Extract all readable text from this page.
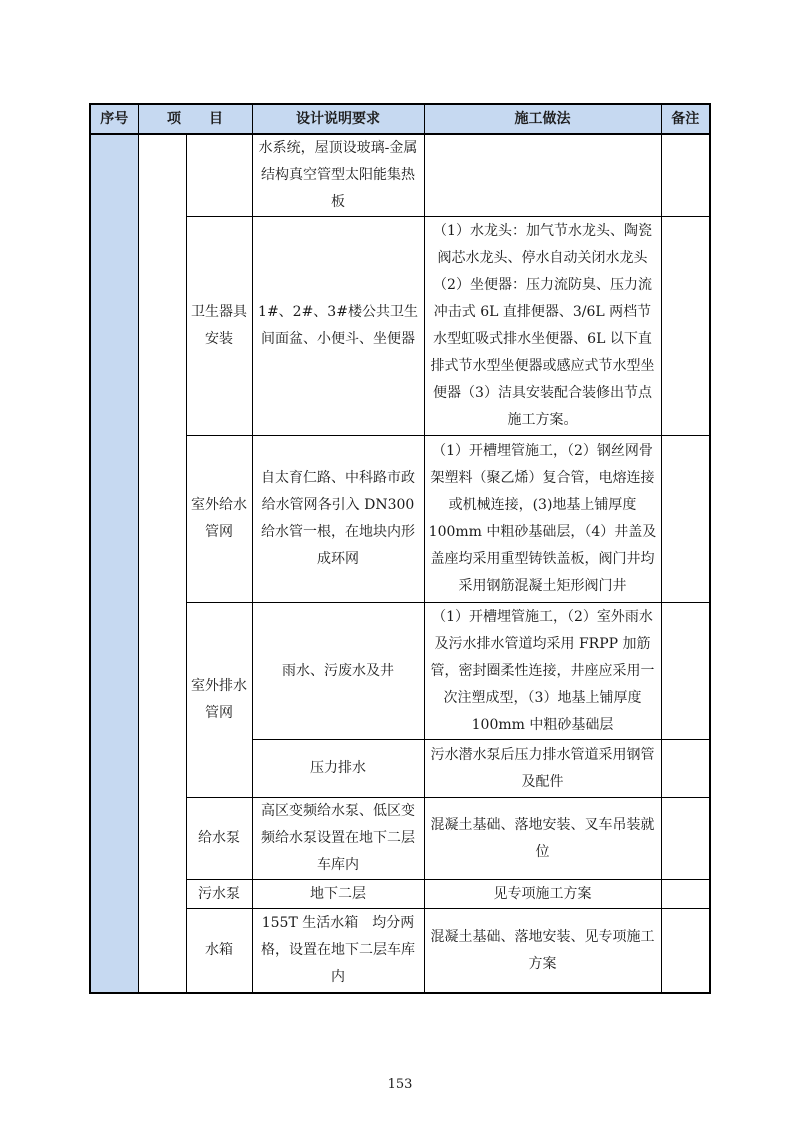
序号	项　　目		设计说明要求	施工做法	备注
			水系统，屋顶设玻璃-金属结构真空管型太阳能集热板		
		卫生器具安装	1#、2#、3#楼公共卫生间面盆、小便斗、坐便器	（1）水龙头：加气节水龙头、陶瓷阀芯水龙头、停水自动关闭水龙头（2）坐便器：压力流防臭、压力流冲击式 6L 直排便器、3/6L 两档节水型虹吸式排水坐便器、6L 以下直排式节水型坐便器或感应式节水型坐便器（3）洁具安装配合装修出节点施工方案。	
		室外给水管网	自太育仁路、中科路市政给水管网各引入 DN300 给水管一根，在地块内形成环网	（1）开槽埋管施工，（2）钢丝网骨架塑料（聚乙烯）复合管，电熔连接或机械连接，(3)地基上铺厚度 100mm 中粗砂基础层，（4）井盖及盖座均采用重型铸铁盖板，阀门井均采用钢筋混凝土矩形阀门井	
		室外排水管网	雨水、污废水及井	（1）开槽埋管施工，（2）室外雨水及污水排水管道均采用 FRPP 加筋管，密封圈柔性连接，井座应采用一次注塑成型，（3）地基上铺厚度 100mm 中粗砂基础层	
			压力排水	污水潜水泵后压力排水管道采用钢管及配件	
		给水泵	高区变频给水泵、低区变频给水泵设置在地下二层车库内	混凝土基础、落地安装、叉车吊装就位	
		污水泵	地下二层	见专项施工方案	
		水箱	155T 生活水箱　均分两格，设置在地下二层车库内	混凝土基础、落地安装、见专项施工方案	

153
